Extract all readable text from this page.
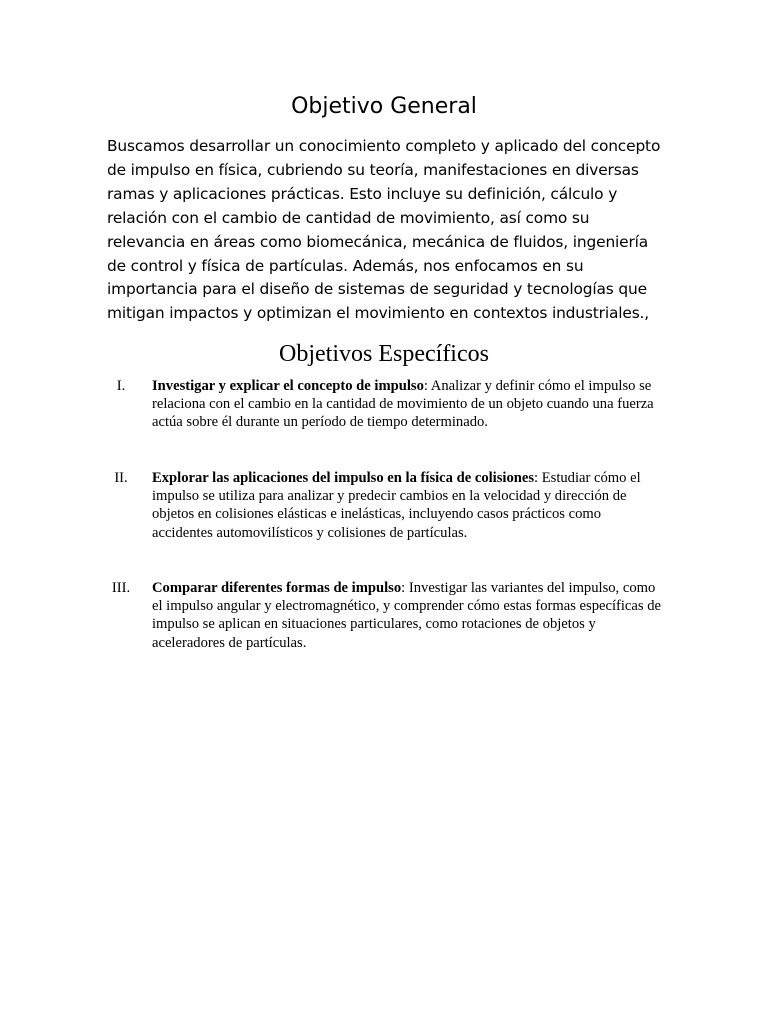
Objetivo General

Buscamos desarrollar un conocimiento completo y aplicado del concepto de impulso en física, cubriendo su teoría, manifestaciones en diversas ramas y aplicaciones prácticas. Esto incluye su definición, cálculo y relación con el cambio de cantidad de movimiento, así como su relevancia en áreas como biomecánica, mecánica de fluidos, ingeniería de control y física de partículas. Además, nos enfocamos en su importancia para el diseño de sistemas de seguridad y tecnologías que mitigan impactos y optimizan el movimiento en contextos industriales.,

Objetivos Específicos
I.	Investigar y explicar el concepto de impulso: Analizar y definir cómo el impulso se relaciona con el cambio en la cantidad de movimiento de un objeto cuando una fuerza actúa sobre él durante un período de tiempo determinado.

II.	Explorar las aplicaciones del impulso en la física de colisiones: Estudiar cómo el impulso se utiliza para analizar y predecir cambios en la velocidad y dirección de objetos en colisiones elásticas e inelásticas, incluyendo casos prácticos como accidentes automovilísticos y colisiones de partículas.

III.	Comparar diferentes formas de impulso: Investigar las variantes del impulso, como el impulso angular y electromagnético, y comprender cómo estas formas específicas de impulso se aplican en situaciones particulares, como rotaciones de objetos y aceleradores de partículas.
